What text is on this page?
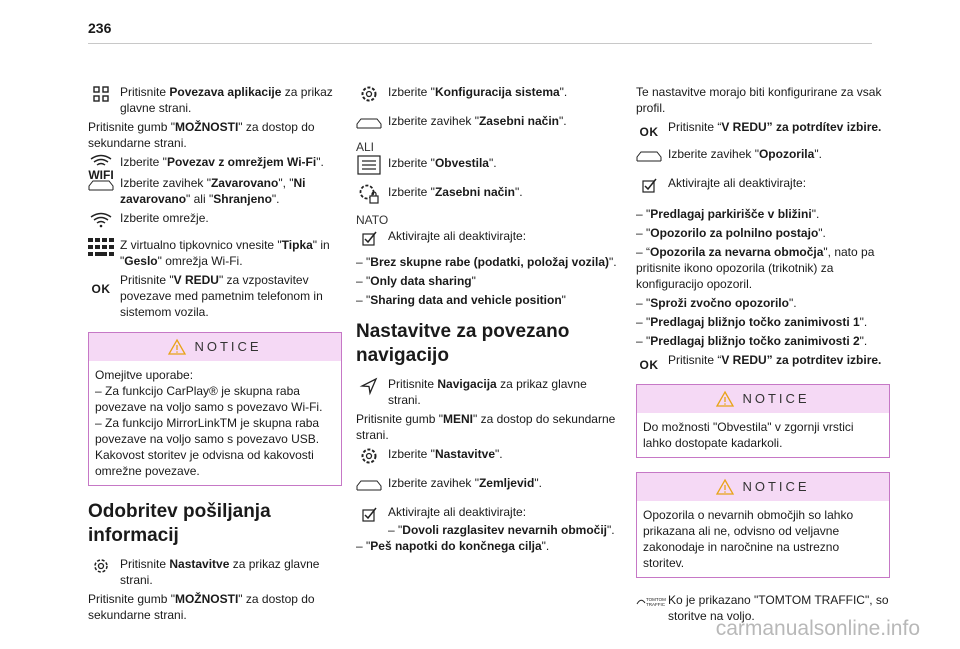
236
Pritisnite Povezava aplikacije za prikaz glavne strani.
Pritisnite gumb "MOŽNOSTI" za dostop do sekundarne strani.
WIFI
Izberite "Povezav z omrežjem Wi-Fi".
Izberite zavihek "Zavarovano", "Ni zavarovano" ali "Shranjeno".
Izberite omrežje.
Z virtualno tipkovnico vnesite "Tipka" in "Geslo" omrežja Wi-Fi.
OK
Pritisnite "V REDU" za vzpostavitev povezave med pametnim telefonom in sistemom vozila.
NOTICE
Omejitve uporabe:
– Za funkcijo CarPlay® je skupna raba povezave na voljo samo s povezavo Wi-Fi.
– Za funkcijo MirrorLinkTM je skupna raba povezave na voljo samo s povezavo USB.
Kakovost storitev je odvisna od kakovosti omrežne povezave.
Odobritev pošiljanja informacij
Pritisnite Nastavitve za prikaz glavne strani.
Pritisnite gumb "MOŽNOSTI" za dostop do sekundarne strani.
Izberite "Konfiguracija sistema".
Izberite zavihek "Zasebni način".
ALI
Izberite "Obvestila".
Izberite "Zasebni način".
NATO
Aktivirajte ali deaktivirajte:
– "Brez skupne rabe (podatki, položaj vozila)".
– "Only data sharing"
– "Sharing data and vehicle position"
Nastavitve za povezano navigacijo
Pritisnite Navigacija za prikaz glavne strani.
Pritisnite gumb "MENI" za dostop do sekundarne strani.
Izberite "Nastavitve".
Izberite zavihek "Zemljevid".
Aktivirajte ali deaktivirajte:
– "Dovoli razglasitev nevarnih območij".
– "Peš napotki do končnega cilja".
Te nastavitve morajo biti konfigurirane za vsak profil.
OK Pritisnite “V REDU” za potrdítev izbire.
Izberite zavihek "Opozorila".
Aktivirajte ali deaktivirajte:
– "Predlagaj parkirišče v bližini".
– "Opozorilo za polnilno postajo".
– “Opozorila za nevarna območja", nato pa pritisnite ikono opozorila (trikotnik) za konfiguracijo opozoril.
– "Sproži zvočno opozorilo".
– "Predlagaj bližnjo točko zanimivosti 1".
– "Predlagaj bližnjo točko zanimivosti 2".
OK Pritisnite “V REDU” za potrditev izbire.
NOTICE
Do možnosti "Obvestila" v zgornji vrstici lahko dostopate kadarkoli.
NOTICE
Opozorila o nevarnih območjih so lahko prikazana ali ne, odvisno od veljavne zakonodaje in naročnine na ustrezno storitev.
TOMTOM
TRAFFIC Ko je prikazano "TOMTOM TRAFFIC", so storitve na voljo.
carmanualsonline.info
